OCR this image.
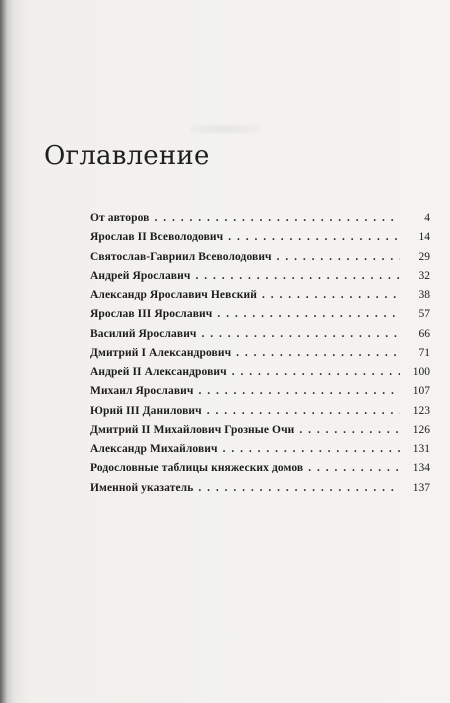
Оглавление
От авторов . . .	4
Ярослав II Всеволодович . . .	14
Святослав-Гавриил Всеволодович . . .	29
Андрей Ярославич . . .	32
Александр Ярославич Невский . . .	38
Ярослав III Ярославич . . .	57
Василий Ярославич . . .	66
Дмитрий I Александрович . . .	71
Андрей II Александрович . . .	100
Михаил Ярославич . . .	107
Юрий III Данилович . . .	123
Дмитрий II Михайлович Грозные Очи . . .	126
Александр Михайлович . . .	131
Родословные таблицы княжеских домов . . .	134
Именной указатель . . .	137
